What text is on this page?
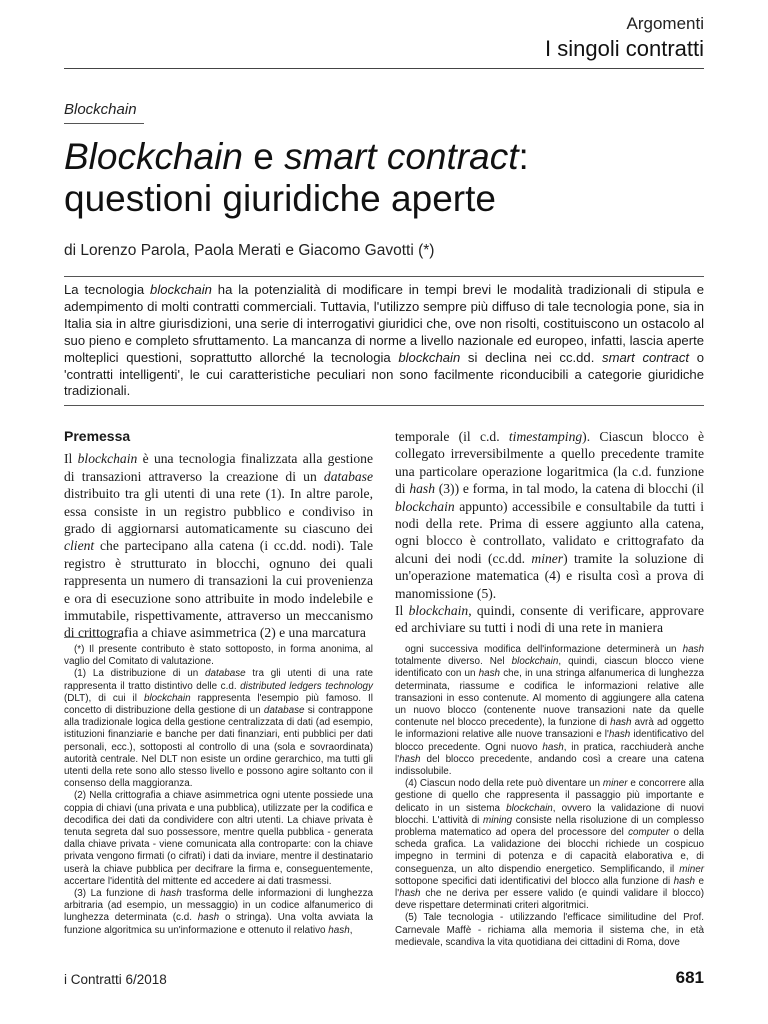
Argomenti
I singoli contratti
Blockchain
Blockchain e smart contract:
questioni giuridiche aperte
di Lorenzo Parola, Paola Merati e Giacomo Gavotti (*)
La tecnologia blockchain ha la potenzialità di modificare in tempi brevi le modalità tradizionali di stipula e adempimento di molti contratti commerciali. Tuttavia, l'utilizzo sempre più diffuso di tale tecnologia pone, sia in Italia sia in altre giurisdizioni, una serie di interrogativi giuridici che, ove non risolti, costituiscono un ostacolo al suo pieno e completo sfruttamento. La mancanza di norme a livello nazionale ed europeo, infatti, lascia aperte molteplici questioni, soprattutto allorché la tecnologia blockchain si declina nei cc.dd. smart contract o 'contratti intelligenti', le cui caratteristiche peculiari non sono facilmente riconducibili a categorie giuridiche tradizionali.

Premessa

Il blockchain è una tecnologia finalizzata alla gestione di transazioni attraverso la creazione di un database distribuito tra gli utenti di una rete (1). In altre parole, essa consiste in un registro pubblico e condiviso in grado di aggiornarsi automaticamente su ciascuno dei client che partecipano alla catena (i cc.dd. nodi). Tale registro è strutturato in blocchi, ognuno dei quali rappresenta un numero di transazioni la cui provenienza e ora di esecuzione sono attribuite in modo indelebile e immutabile, rispettivamente, attraverso un meccanismo di crittografia a chiave asimmetrica (2) e una marcatura

temporale (il c.d. timestamping). Ciascun blocco è collegato irreversibilmente a quello precedente tramite una particolare operazione logaritmica (la c.d. funzione di hash (3)) e forma, in tal modo, la catena di blocchi (il blockchain appunto) accessibile e consultabile da tutti i nodi della rete. Prima di essere aggiunto alla catena, ogni blocco è controllato, validato e crittografato da alcuni dei nodi (cc.dd. miner) tramite la soluzione di un'operazione matematica (4) e risulta così a prova di manomissione (5).

Il blockchain, quindi, consente di verificare, approvare ed archiviare su tutti i nodi di una rete in maniera

(*) Il presente contributo è stato sottoposto, in forma anonima, al vaglio del Comitato di valutazione.

(1) La distribuzione di un database tra gli utenti di una rate rappresenta il tratto distintivo delle c.d. distributed ledgers technology (DLT), di cui il blockchain rappresenta l'esempio più famoso. Il concetto di distribuzione della gestione di un database si contrappone alla tradizionale logica della gestione centralizzata di dati (ad esempio, istituzioni finanziarie e banche per dati finanziari, enti pubblici per dati personali, ecc.), sottoposti al controllo di una (sola e sovraordinata) autorità centrale. Nel DLT non esiste un ordine gerarchico, ma tutti gli utenti della rete sono allo stesso livello e possono agire soltanto con il consenso della maggioranza.

(2) Nella crittografia a chiave asimmetrica ogni utente possiede una coppia di chiavi (una privata e una pubblica), utilizzate per la codifica e decodifica dei dati da condividere con altri utenti. La chiave privata è tenuta segreta dal suo possessore, mentre quella pubblica - generata dalla chiave privata - viene comunicata alla controparte: con la chiave privata vengono firmati (o cifrati) i dati da inviare, mentre il destinatario userà la chiave pubblica per decifrare la firma e, conseguentemente, accertare l'identità del mittente ed accedere ai dati trasmessi.

(3) La funzione di hash trasforma delle informazioni di lunghezza arbitraria (ad esempio, un messaggio) in un codice alfanumerico di lunghezza determinata (c.d. hash o stringa). Una volta avviata la funzione algoritmica su un'informazione e ottenuto il relativo hash,

ogni successiva modifica dell'informazione determinerà un hash totalmente diverso. Nel blockchain, quindi, ciascun blocco viene identificato con un hash che, in una stringa alfanumerica di lunghezza determinata, riassume e codifica le informazioni relative alle transazioni in esso contenute. Al momento di aggiungere alla catena un nuovo blocco (contenente nuove transazioni nate da quelle contenute nel blocco precedente), la funzione di hash avrà ad oggetto le informazioni relative alle nuove transazioni e l'hash identificativo del blocco precedente. Ogni nuovo hash, in pratica, racchiuderà anche l'hash del blocco precedente, andando così a creare una catena indissolubile.

(4) Ciascun nodo della rete può diventare un miner e concorrere alla gestione di quello che rappresenta il passaggio più importante e delicato in un sistema blockchain, ovvero la validazione di nuovi blocchi. L'attività di mining consiste nella risoluzione di un complesso problema matematico ad opera del processore del computer o della scheda grafica. La validazione dei blocchi richiede un cospicuo impegno in termini di potenza e di capacità elaborativa e, di conseguenza, un alto dispendio energetico. Semplificando, il miner sottopone specifici dati identificativi del blocco alla funzione di hash e l'hash che ne deriva per essere valido (e quindi validare il blocco) deve rispettare determinati criteri algoritmici.

(5) Tale tecnologia - utilizzando l'efficace similitudine del Prof. Carnevale Maffè - richiama alla memoria il sistema che, in età medievale, scandiva la vita quotidiana dei cittadini di Roma, dove

i Contratti 6/2018	681
